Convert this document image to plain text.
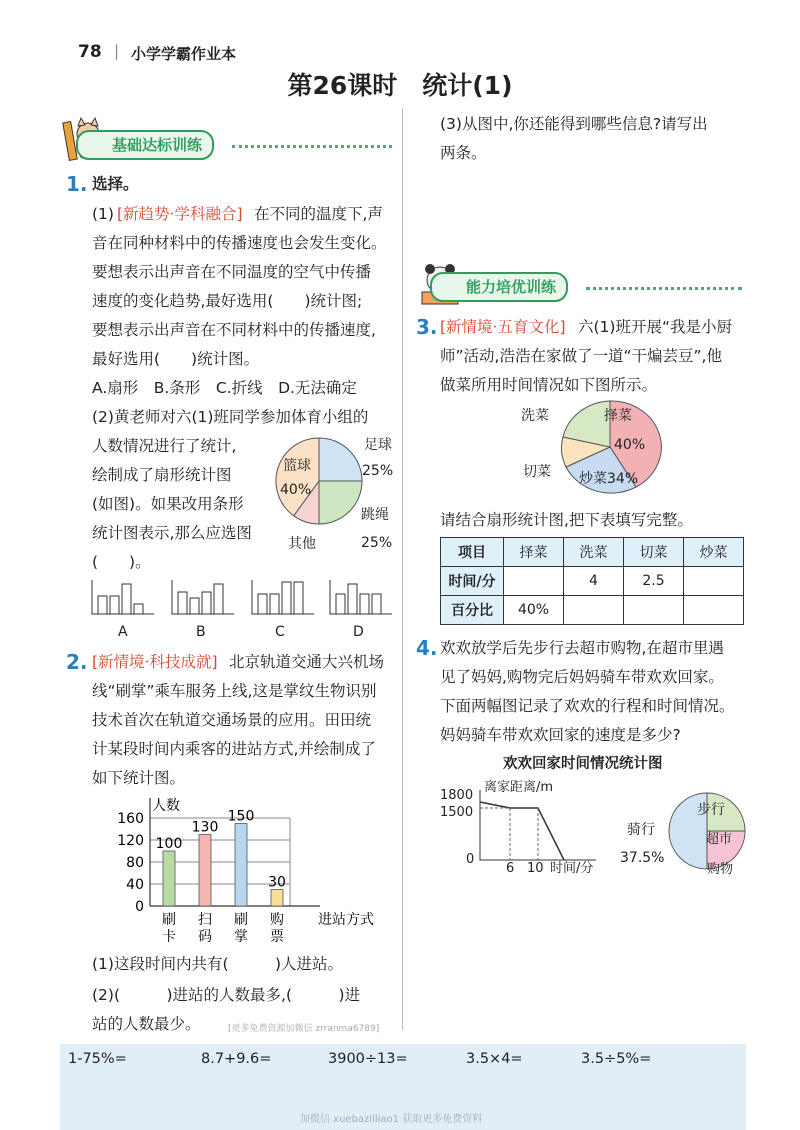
78 | 小学学霸作业本
第26课时　统计(1)
基础达标训练
1. 选择。
(1) [新趋势·学科融合] 在不同的温度下,声
音在同种材料中的传播速度也会发生变化。
要想表示出声音在不同温度的空气中传播
速度的变化趋势,最好选用(　　)统计图;
要想表示出声音在不同材料中的传播速度,
最好选用(　　)统计图。
A.扇形　B.条形　C.折线　D.无法确定
(2)黄老师对六(1)班同学参加体育小组的
人数情况进行了统计,
绘制成了扇形统计图
(如图)。如果改用条形
统计图表示,那么应选图
(　　)。
足球
25%
篮球
40%
跳绳
25%
其他
A	B	C	D
2. [新情境·科技成就] 北京轨道交通大兴机场
线“刷掌”乘车服务上线,这是掌纹生物识别
技术首次在轨道交通场景的应用。田田统
计某段时间内乘客的进站方式,并绘制成了
如下统计图。
0
40
80
120
160
人数
进站方式
100
刷
卡
130
扫
码
150
刷
掌
30
购
票
(1)这段时间内共有(　　　)人进站。
(2)(　　　)进站的人数最多,(　　　)进
站的人数最少。	[更多免费资源加微信 zrranma6789]
(3)从图中,你还能得到哪些信息?请写出
两条。
能力培优训练
3. [新情境·五育文化] 六(1)班开展“我是小厨
师”活动,浩浩在家做了一道“干煸芸豆”,他
做菜所用时间情况如下图所示。
洗菜	择菜
40%
切菜 炒菜34%
请结合扇形统计图,把下表填写完整。
项目	择菜	洗菜	切菜	炒菜
时间/分		4	2.5	
百分比	40%			
4. 欢欢放学后先步行去超市购物,在超市里遇
见了妈妈,购物完后妈妈骑车带欢欢回家。
下面两幅图记录了欢欢的行程和时间情况。
妈妈骑车带欢欢回家的速度是多少?
欢欢回家时间情况统计图
离家距离/m
1800
1500
0
6 10 时间/分
步行
骑行
37.5%
超市
购物
1-75%=	8.7+9.6=	3900÷13=	3.5×4=	3.5÷5%=
加微信 xuebazilliao1 获取更多免费资料
